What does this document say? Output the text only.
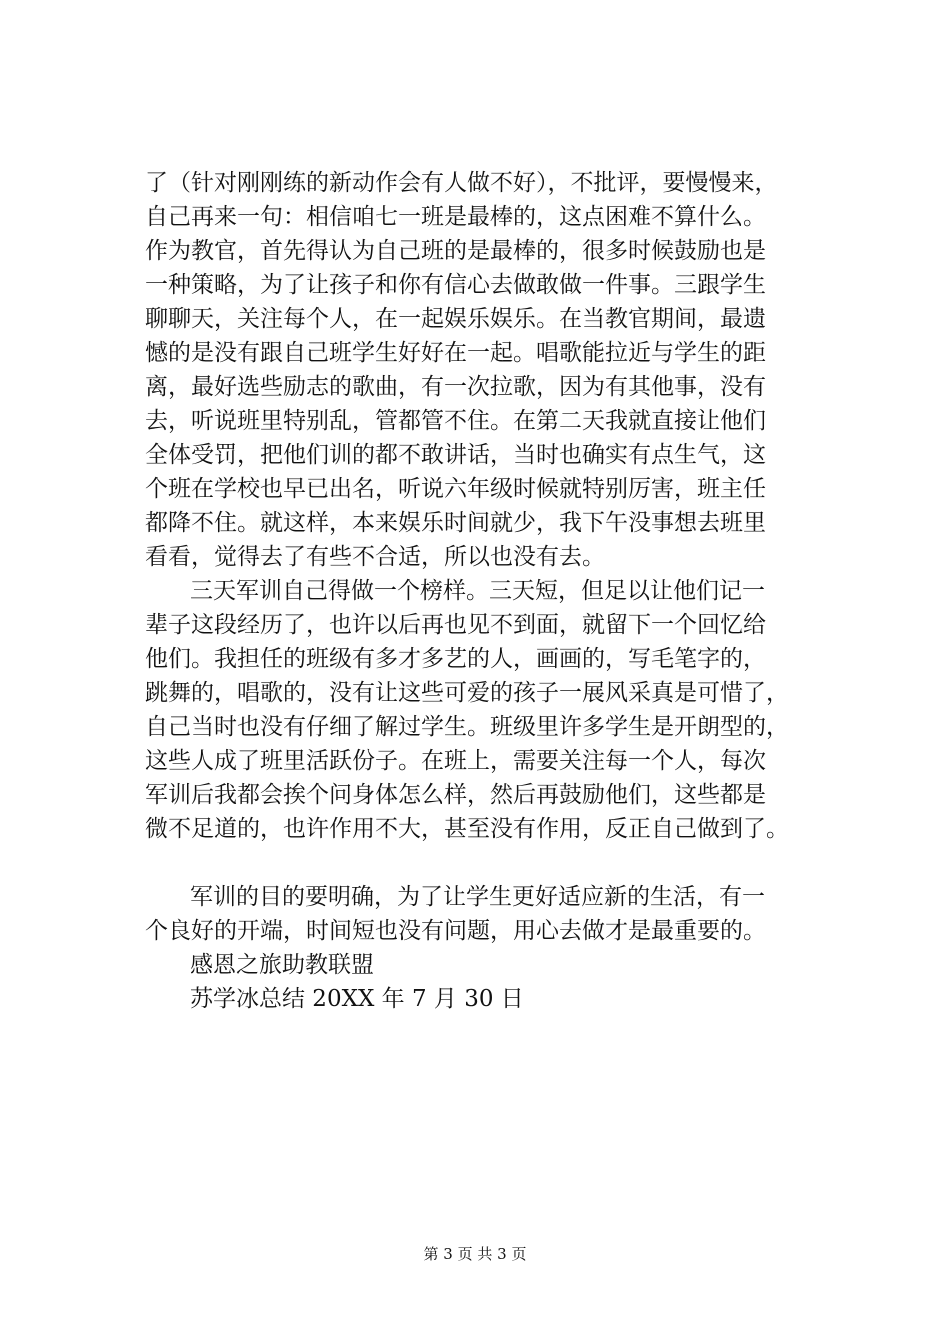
了（针对刚刚练的新动作会有人做不好），不批评，要慢慢来，
自己再来一句：相信咱七一班是最棒的，这点困难不算什么。
作为教官，首先得认为自己班的是最棒的，很多时候鼓励也是
一种策略，为了让孩子和你有信心去做敢做一件事。三跟学生
聊聊天，关注每个人，在一起娱乐娱乐。在当教官期间，最遗
憾的是没有跟自己班学生好好在一起。唱歌能拉近与学生的距
离，最好选些励志的歌曲，有一次拉歌，因为有其他事，没有
去，听说班里特别乱，管都管不住。在第二天我就直接让他们
全体受罚，把他们训的都不敢讲话，当时也确实有点生气，这
个班在学校也早已出名，听说六年级时候就特别厉害，班主任
都降不住。就这样，本来娱乐时间就少，我下午没事想去班里
看看，觉得去了有些不合适，所以也没有去。
三天军训自己得做一个榜样。三天短，但足以让他们记一
辈子这段经历了，也许以后再也见不到面，就留下一个回忆给
他们。我担任的班级有多才多艺的人，画画的，写毛笔字的，
跳舞的，唱歌的，没有让这些可爱的孩子一展风采真是可惜了，
自己当时也没有仔细了解过学生。班级里许多学生是开朗型的，
这些人成了班里活跃份子。在班上，需要关注每一个人，每次
军训后我都会挨个问身体怎么样，然后再鼓励他们，这些都是
微不足道的，也许作用不大，甚至没有作用，反正自己做到了。
军训的目的要明确，为了让学生更好适应新的生活，有一
个良好的开端，时间短也没有问题，用心去做才是最重要的。
感恩之旅助教联盟
苏学冰总结 20XX 年 7 月 30 日
第 3 页 共 3 页
